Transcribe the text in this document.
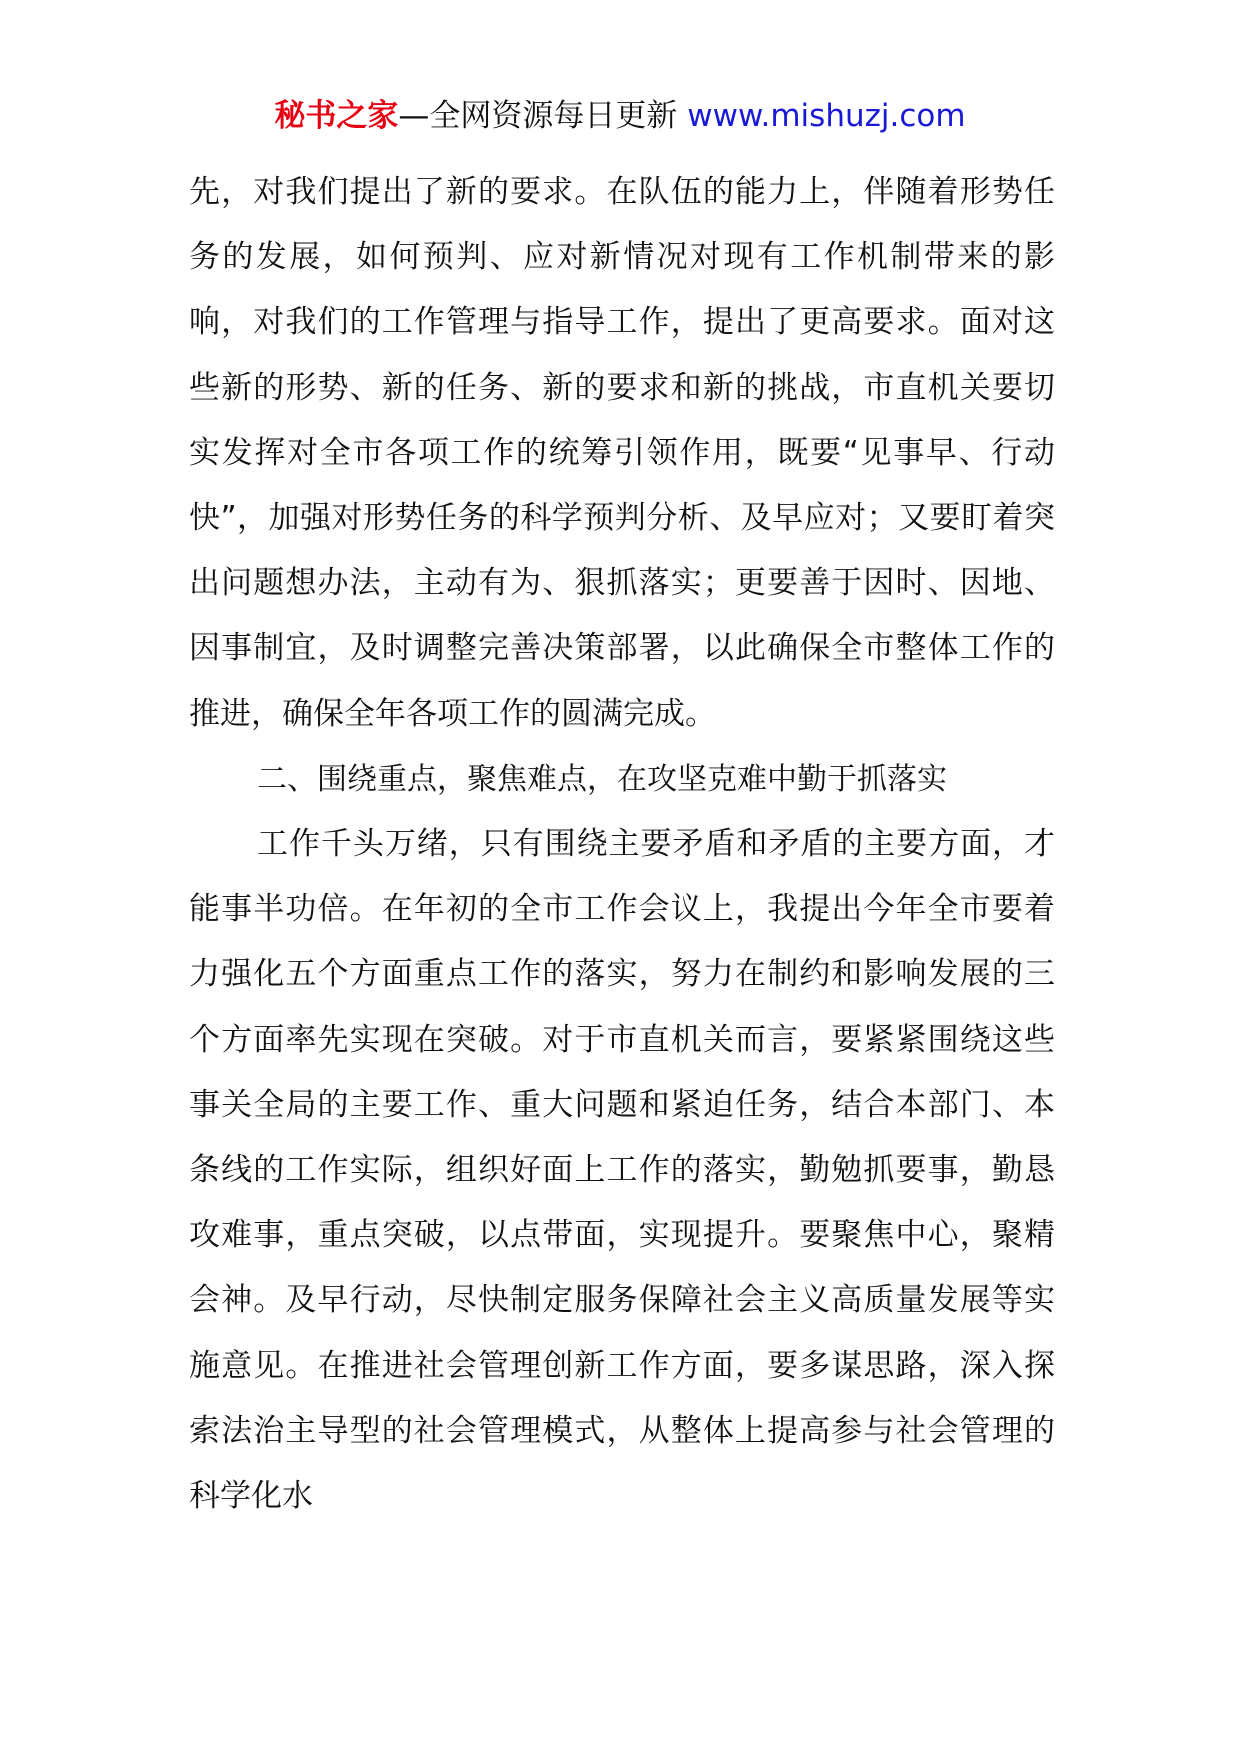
秘书之家—全网资源每日更新 www.mishuzj.com

先，对我们提出了新的要求。在队伍的能力上，伴随着形势任务的发展，如何预判、应对新情况对现有工作机制带来的影响，对我们的工作管理与指导工作，提出了更高要求。面对这些新的形势、新的任务、新的要求和新的挑战，市直机关要切实发挥对全市各项工作的统筹引领作用，既要“见事早、行动快”，加强对形势任务的科学预判分析、及早应对；又要盯着突出问题想办法，主动有为、狠抓落实；更要善于因时、因地、因事制宜，及时调整完善决策部署，以此确保全市整体工作的推进，确保全年各项工作的圆满完成。

二、围绕重点，聚焦难点，在攻坚克难中勤于抓落实

工作千头万绪，只有围绕主要矛盾和矛盾的主要方面，才能事半功倍。在年初的全市工作会议上，我提出今年全市要着力强化五个方面重点工作的落实，努力在制约和影响发展的三个方面率先实现在突破。对于市直机关而言，要紧紧围绕这些事关全局的主要工作、重大问题和紧迫任务，结合本部门、本条线的工作实际，组织好面上工作的落实，勤勉抓要事，勤恳攻难事，重点突破，以点带面，实现提升。要聚焦中心，聚精会神。及早行动，尽快制定服务保障社会主义高质量发展等实施意见。在推进社会管理创新工作方面，要多谋思路，深入探索法治主导型的社会管理模式，从整体上提高参与社会管理的科学化水
